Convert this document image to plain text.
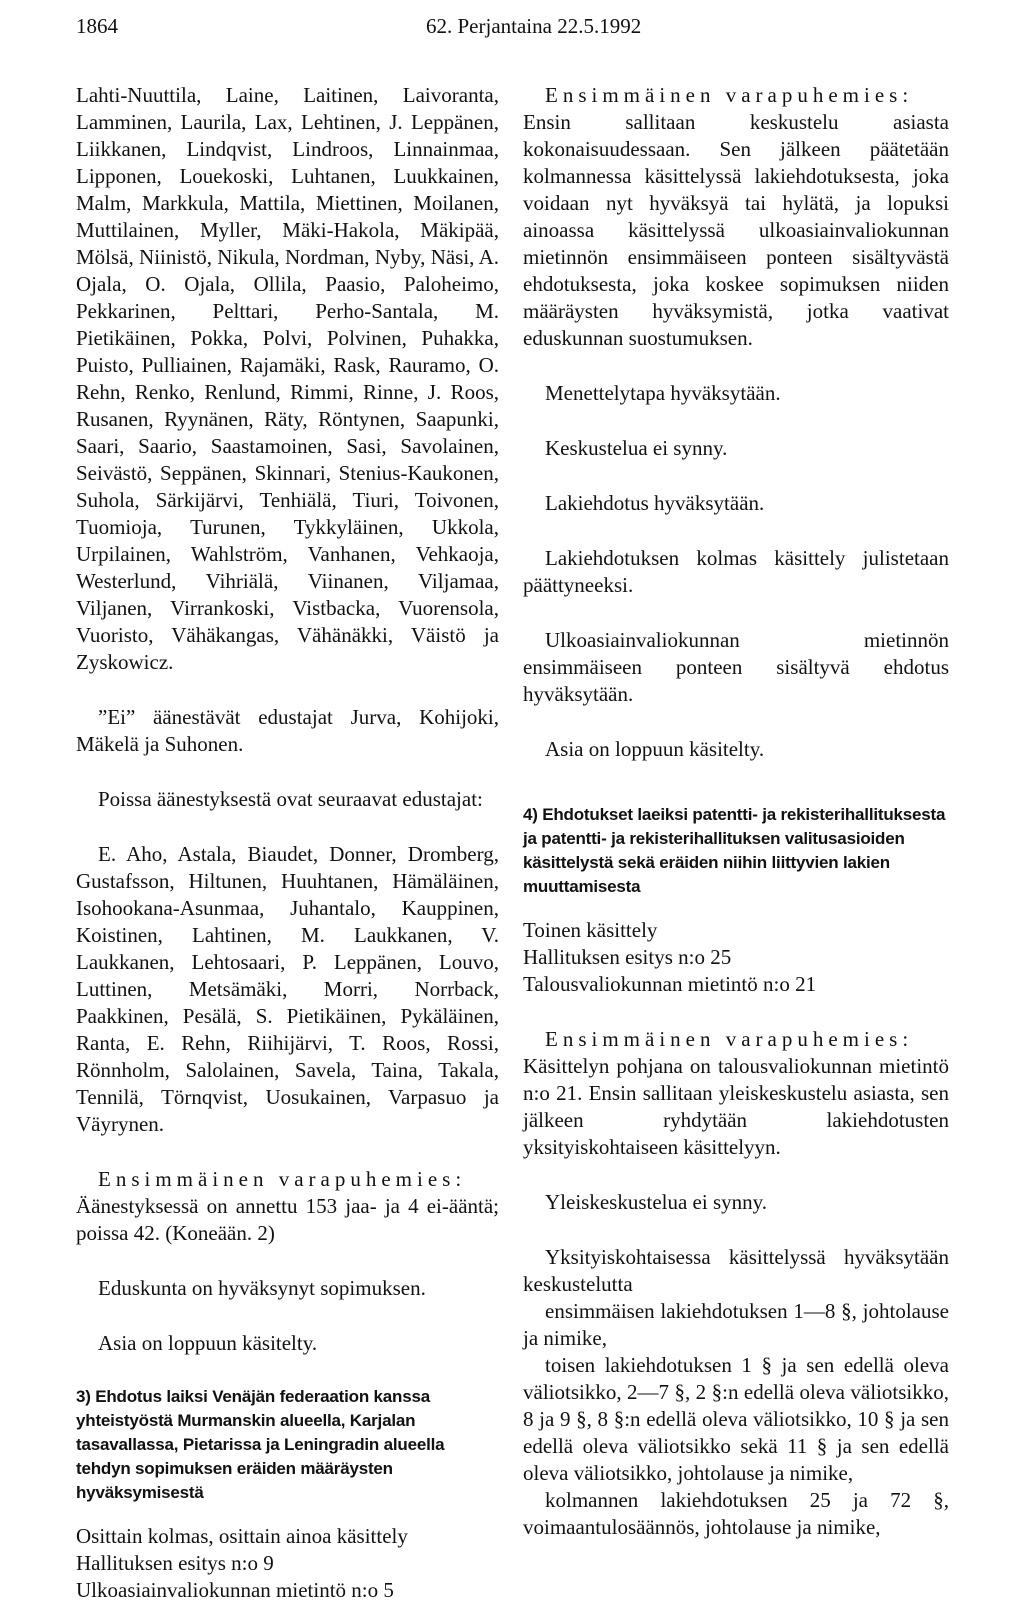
1864	62. Perjantaina 22.5.1992

Lahti-Nuuttila, Laine, Laitinen, Laivoranta, Lamminen, Laurila, Lax, Lehtinen, J. Leppänen, Liikkanen, Lindqvist, Lindroos, Linnainmaa, Lipponen, Louekoski, Luhtanen, Luukkainen, Malm, Markkula, Mattila, Miettinen, Moilanen, Muttilainen, Myller, Mäki-Hakola, Mäkipää, Mölsä, Niinistö, Nikula, Nordman, Nyby, Näsi, A. Ojala, O. Ojala, Ollila, Paasio, Paloheimo, Pekkarinen, Pelttari, Perho-Santala, M. Pietikäinen, Pokka, Polvi, Polvinen, Puhakka, Puisto, Pulliainen, Rajamäki, Rask, Rauramo, O. Rehn, Renko, Renlund, Rimmi, Rinne, J. Roos, Rusanen, Ryynänen, Räty, Röntynen, Saapunki, Saari, Saario, Saastamoinen, Sasi, Savolainen, Seivästö, Seppänen, Skinnari, Stenius-Kaukonen, Suhola, Särkijärvi, Tenhiälä, Tiuri, Toivonen, Tuomioja, Turunen, Tykkyläinen, Ukkola, Urpilainen, Wahlström, Vanhanen, Vehkaoja, Westerlund, Vihriälä, Viinanen, Viljamaa, Viljanen, Virrankoski, Vistbacka, Vuorensola, Vuoristo, Vähäkangas, Vähänäkki, Väistö ja Zyskowicz.

”Ei” äänestävät edustajat Jurva, Kohijoki, Mäkelä ja Suhonen.

Poissa äänestyksestä ovat seuraavat edustajat:

E. Aho, Astala, Biaudet, Donner, Dromberg, Gustafsson, Hiltunen, Huuhtanen, Hämäläinen, Isohookana-Asunmaa, Juhantalo, Kauppinen, Koistinen, Lahtinen, M. Laukkanen, V. Laukkanen, Lehtosaari, P. Leppänen, Louvo, Luttinen, Metsämäki, Morri, Norrback, Paakkinen, Pesälä, S. Pietikäinen, Pykäläinen, Ranta, E. Rehn, Riihijärvi, T. Roos, Rossi, Rönnholm, Salolainen, Savela, Taina, Takala, Tennilä, Törnqvist, Uosukainen, Varpasuo ja Väyrynen.

Ensimmäinen varapuhemies:

Äänestyksessä on annettu 153 jaa- ja 4 ei-ääntä; poissa 42. (Koneään. 2)

Eduskunta on hyväksynyt sopimuksen.

Asia on loppuun käsitelty.

3) Ehdotus laiksi Venäjän federaation kanssa yhteistyöstä Murmanskin alueella, Karjalan tasavallassa, Pietarissa ja Leningradin alueella tehdyn sopimuksen eräiden määräysten hyväksymisestä

Osittain kolmas, osittain ainoa käsittely

Hallituksen esitys n:o 9

Ulkoasiainvaliokunnan mietintö n:o 5

Ensimmäinen varapuhemies:

Ensin sallitaan keskustelu asiasta kokonaisuudessaan. Sen jälkeen päätetään kolmannessa käsittelyssä lakiehdotuksesta, joka voidaan nyt hyväksyä tai hylätä, ja lopuksi ainoassa käsittelyssä ulkoasiainvaliokunnan mietinnön ensimmäiseen ponteen sisältyvästä ehdotuksesta, joka koskee sopimuksen niiden määräysten hyväksymistä, jotka vaativat eduskunnan suostumuksen.

Menettelytapa hyväksytään.

Keskustelua ei synny.

Lakiehdotus hyväksytään.

Lakiehdotuksen kolmas käsittely julistetaan päättyneeksi.

Ulkoasiainvaliokunnan mietinnön ensimmäiseen ponteen sisältyvä ehdotus hyväksytään.

Asia on loppuun käsitelty.

4) Ehdotukset laeiksi patentti- ja rekisterihallituksesta ja patentti- ja rekisterihallituksen valitusasioiden käsittelystä sekä eräiden niihin liittyvien lakien muuttamisesta

Toinen käsittely

Hallituksen esitys n:o 25

Talousvaliokunnan mietintö n:o 21

Ensimmäinen varapuhemies:

Käsittelyn pohjana on talousvaliokunnan mietintö n:o 21. Ensin sallitaan yleiskeskustelu asiasta, sen jälkeen ryhdytään lakiehdotusten yksityiskohtaiseen käsittelyyn.

Yleiskeskustelua ei synny.

Yksityiskohtaisessa käsittelyssä hyväksytään keskustelutta

ensimmäisen lakiehdotuksen 1—8 §, johtolause ja nimike,

toisen lakiehdotuksen 1 § ja sen edellä oleva väliotsikko, 2—7 §, 2 §:n edellä oleva väliotsikko, 8 ja 9 §, 8 §:n edellä oleva väliotsikko, 10 § ja sen edellä oleva väliotsikko sekä 11 § ja sen edellä oleva väliotsikko, johtolause ja nimike,

kolmannen lakiehdotuksen 25 ja 72 §, voimaantulosäännös, johtolause ja nimike,
